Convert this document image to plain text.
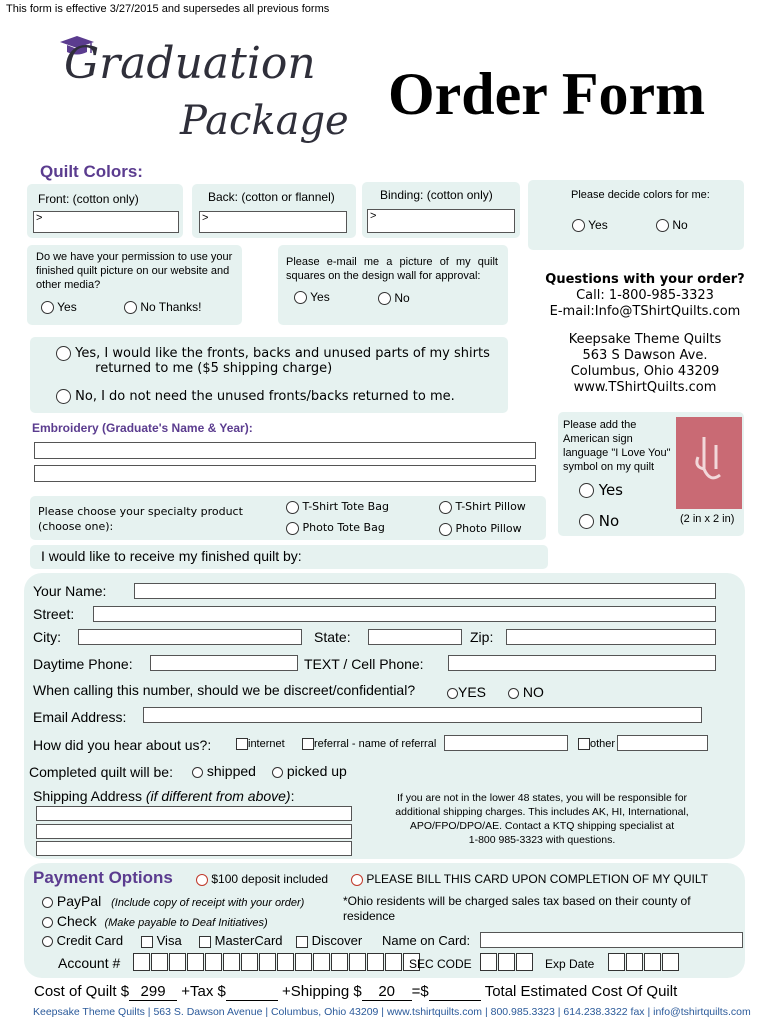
This form is effective 3/27/2015 and supersedes all previous forms
Graduation
Package Order Form
Quilt Colors:
Front: (cotton only)
>
Back: (cotton or flannel)
>
Binding: (cotton only)
>
Please decide colors for me:
Yes	No
Do we have your permission to use your finished quilt picture on our website and other media?
Yes	No Thanks!
Please e-mail me a picture of my quilt squares on the design wall for approval:
Yes	No
Questions with your order?
Call: 1-800-985-3323
E-mail:Info@TShirtQuilts.com
Keepsake Theme Quilts
563 S Dawson Ave.
Columbus, Ohio 43209
www.TShirtQuilts.com
Yes, I would like the fronts, backs and unused parts of my shirts
returned to me ($5 shipping charge)
No, I do not need the unused fronts/backs returned to me.
Embroidery (Graduate's Name & Year):	Please add the American sign language "I Love You" symbol on my quilt
Yes
No	(2 in x 2 in)
Please choose your specialty product
(choose one):
T-Shirt Tote Bag	T-Shirt Pillow
Photo Tote Bag	Photo Pillow
I would like to receive my finished quilt by:
Your Name:
Street:
City:	State:	Zip:
Daytime Phone:	TEXT / Cell Phone:
When calling this number, should we be discreet/confidential?	YES	NO
Email Address:
How did you hear about us?:	internet	referral - name of referral	other
Completed quilt will be:	shipped	picked up
Shipping Address (if different from above):	If you are not in the lower 48 states, you will be responsible for
additional shipping charges. This includes AK, HI, International,
APO/FPO/DPO/AE. Contact a KTQ shipping specialist at
1-800 985-3323 with questions.
Payment Options	$100 deposit included	PLEASE BILL THIS CARD UPON COMPLETION OF MY QUILT
PayPal (Include copy of receipt with your order)
Check (Make payable to Deaf Initiatives)
*Ohio residents will be charged sales tax based on their county of
residence
Credit Card	Visa	MasterCard	Discover Name on Card:
Account #	SEC CODE	Exp Date
Cost of Quilt $ 299 +Tax $	+Shipping $ 20 =$	Total Estimated Cost Of Quilt
Keepsake Theme Quilts | 563 S. Dawson Avenue | Columbus, Ohio 43209 | www.tshirtquilts.com | 800.985.3323 | 614.238.3322 fax | info@tshirtquilts.com
